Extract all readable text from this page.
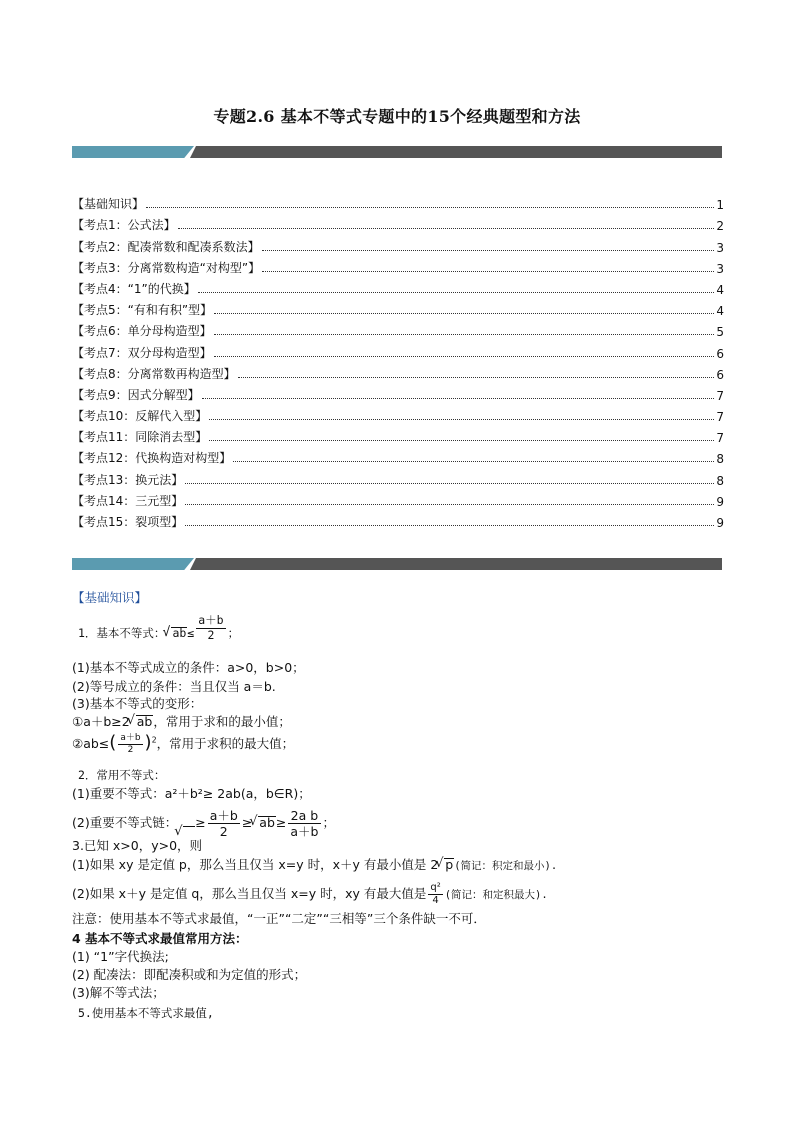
专题2.6 基本不等式专题中的15个经典题型和方法
【基础知识】	1
【考点1：公式法】	2
【考点2：配凑常数和配凑系数法】	3
【考点3：分离常数构造“对构型”】	3
【考点4：“1”的代换】	4
【考点5：“有和有积”型】	4
【考点6：单分母构造型】	5
【考点7：双分母构造型】	6
【考点8：分离常数再构造型】	6
【考点9：因式分解型】	7
【考点10：反解代入型】	7
【考点11：同除消去型】	7
【考点12：代换构造对构型】	8
【考点13：换元法】	8
【考点14：三元型】	9
【考点15：裂项型】	9
【基础知识】
1．基本不等式： √ $ab\le \frac{a+b}{2}$ ；
(1)基本不等式成立的条件：a>0，b>0；
(2)等号成立的条件：当且仅当 a＝b.
(3)基本不等式的变形：
①a＋b≥2 √ ab，常用于求和的最小值；
②ab≤( $\frac{a+b}{2} )^2$，常用于求积的最大值；
2．常用不等式：
(1)重要不等式：a²＋b²≥ 2ab(a，b∈R)；
(2)重要不等式链： √ ≥ $\frac{a+b}{2}$ ≥ √ $ab\ge \frac{\text{2a b}}{a+b}$ ；
3.已知 x>0，y>0，则
(1)如果 xy 是定值 p，那么当且仅当 x=y 时，x＋y 有最小值是 2 √ p(简记：积定和最小).
(2)如果 x＋y 是定值 q，那么当且仅当 x=y 时，xy 有最大值是 $\frac{\text{q²}}{4}$ (简记：和定积最大).
注意：使用基本不等式求最值，“一正”“二定”“三相等”三个条件缺一不可．
4 基本不等式求最值常用方法：
(1) “1”字代换法;
(2) 配凑法：即配凑积或和为定值的形式；
(3)解不等式法；
5.使用基本不等式求最值,
